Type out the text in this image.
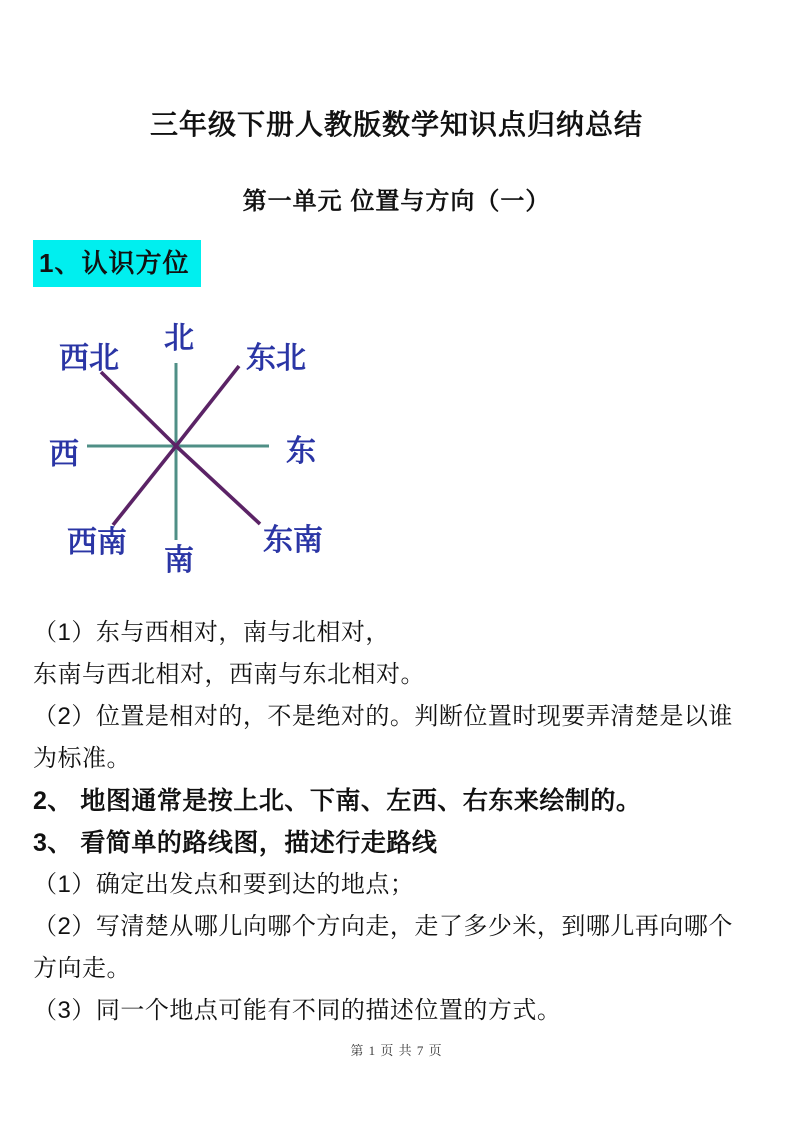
三年级下册人教版数学知识点归纳总结
第一单元 位置与方向（一）
1、认识方位
北
东北
西北
西	东
西南
南
东南

（1）东与西相对，南与北相对，

东南与西北相对，西南与东北相对。

（2）位置是相对的，不是绝对的。判断位置时现要弄清楚是以谁

为标准。

2、 地图通常是按上北、下南、左西、右东来绘制的。

3、 看简单的路线图，描述行走路线

（1）确定出发点和要到达的地点；

（2）写清楚从哪儿向哪个方向走，走了多少米，到哪儿再向哪个

方向走。

（3）同一个地点可能有不同的描述位置的方式。

第 1 页 共 7 页
